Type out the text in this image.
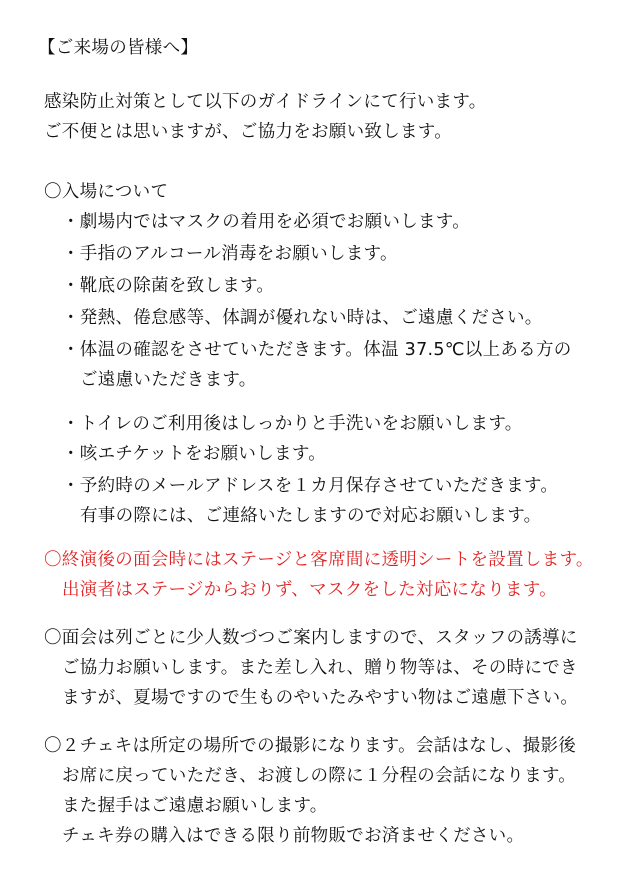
【ご来場の皆様へ】
感染防止対策として以下のガイドラインにて行います。
ご不便とは思いますが、ご協力をお願い致します。
〇入場について
・劇場内ではマスクの着用を必須でお願いします。
・手指のアルコール消毒をお願いします。
・靴底の除菌を致します。
・発熱、倦怠感等、体調が優れない時は、ご遠慮ください。
・体温の確認をさせていただきます。体温 37.5℃以上ある方の
ご遠慮いただきます。
・トイレのご利用後はしっかりと手洗いをお願いします。
・咳エチケットをお願いします。
・予約時のメールアドレスを１カ月保存させていただきます。
有事の際には、ご連絡いたしますので対応お願いします。
〇終演後の面会時にはステージと客席間に透明シートを設置します。
出演者はステージからおりず、マスクをした対応になります。
〇面会は列ごとに少人数づつご案内しますので、スタッフの誘導に
ご協力お願いします。また差し入れ、贈り物等は、その時にでき
ますが、夏場ですので生ものやいたみやすい物はご遠慮下さい。
〇２チェキは所定の場所での撮影になります。会話はなし、撮影後
お席に戻っていただき、お渡しの際に１分程の会話になります。
また握手はご遠慮お願いします。
チェキ券の購入はできる限り前物販でお済ませください。
